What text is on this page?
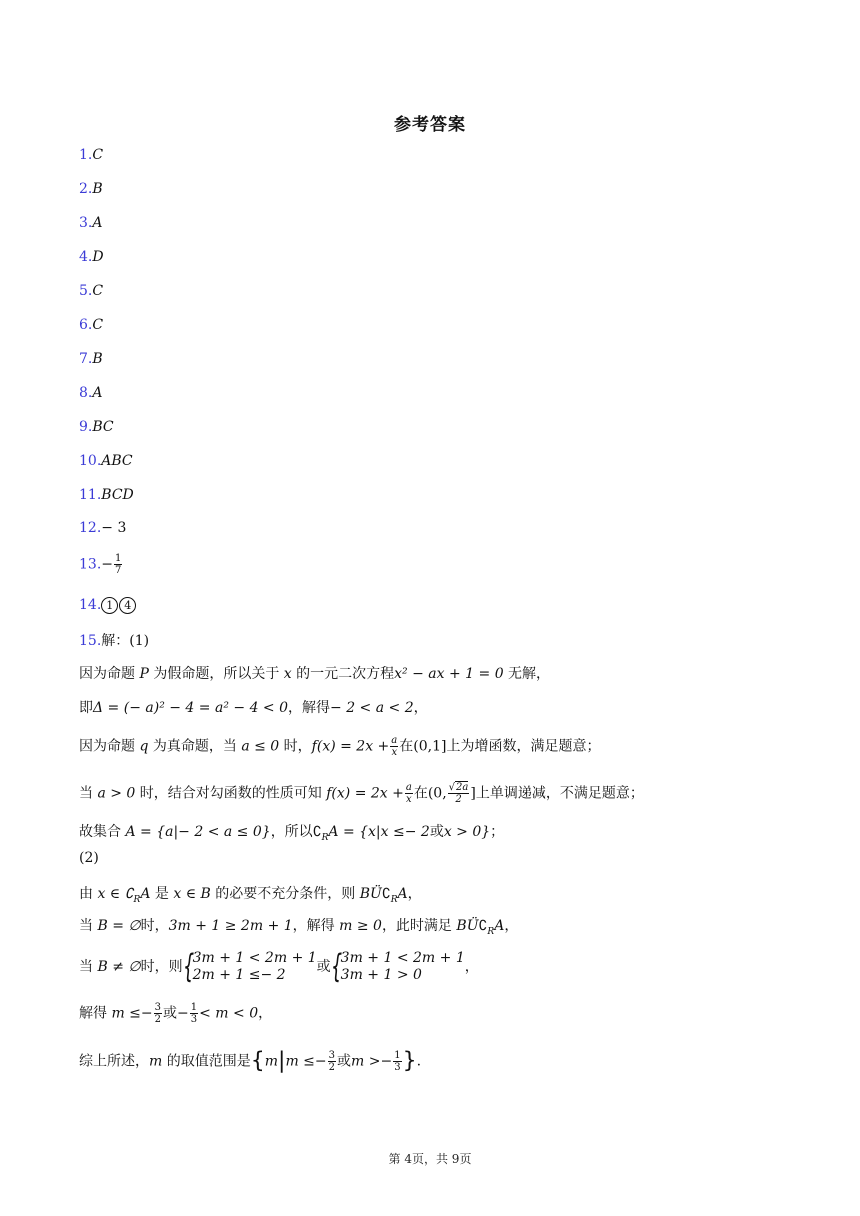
参考答案
1.C
2.B
3.A
4.D
5.C
6.C
7.B
8.A
9.BC
10.ABC
11.BCD
12.− 3
$13.- \frac{1}{7}$
14. 1 4
15.解：(1)
因为命题 P 为假命题，所以关于 x 的一元二次方程x² − ax + 1 = 0 无解，
即Δ = (− a)² − 4 = a² − 4 < 0，解得− 2 < a < 2，
因为命题 q 为真命题，当 a ≤ 0 时，$f(x) = 2x + \frac{a}{x}$ 在(0,1]上为增函数，满足题意；
当 a > 0 时，结合对勾函数的性质可知 $f(x) = 2x + \frac{a}{x}$ 在(0, $\frac{√2a}{2}$ ]上单调递减，不满足题意；
故集合 A = {a|− 2 < a ≤ 0}，所以$∁_RA = \{x|x \le- 2$或x > 0}；
(2)
由 x ∈ $∁_RA$ 是 x ∈ B 的必要不充分条件，则 $BÜ∁_RA$，
当 B = ∅时，3m + 1 ≥ 2m + 1，解得 m ≥ 0，此时满足 $BÜ∁_RA$，
当 B ≠ ∅时，则 {
3m + 1 < 2m + 1
2m + 1 ≤− 2	或 {
3m + 1 < 2m + 1
3m + 1 > 0	，
解得 $m \le- \frac{3}{2}$ 或− $\frac{1}{3} < m < 0$，
综上所述，m 的取值范围是{$m|m \le- \frac{3}{2}$ 或$m >- \frac{1}{3}$ }.
第 4页，共 9页
